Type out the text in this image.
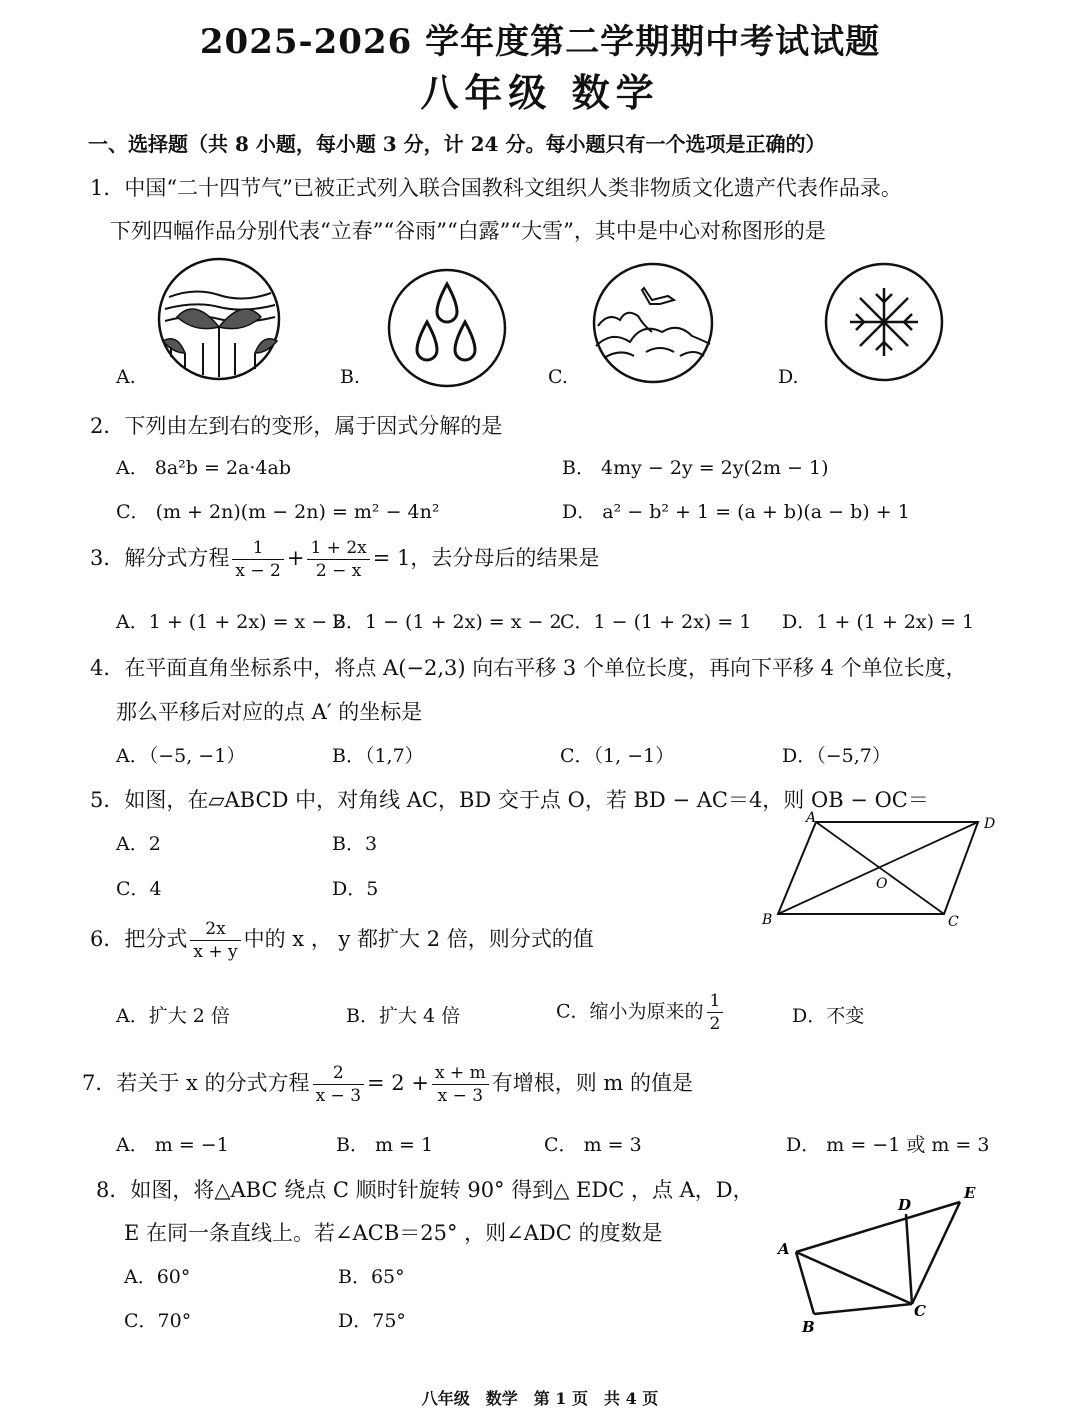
2025-2026 学年度第二学期期中考试试题
八年级 数学
一、选择题（共 8 小题，每小题 3 分，计 24 分。每小题只有一个选项是正确的）
1．中国“二十四节气”已被正式列入联合国教科文组织人类非物质文化遗产代表作品录。
下列四幅作品分别代表“立春”“谷雨”“白露”“大雪”，其中是中心对称图形的是
A.	B.	C.	D.
2．下列由左到右的变形，属于因式分解的是
A． 8a²b = 2a·4ab	B． 4my − 2y = 2y(2m − 1)
C． (m + 2n)(m − 2n) = m² − 4n²	D． a² − b² + 1 = (a + b)(a − b) + 1
3．解分式方程 $\frac{1}{x - 2} + \frac{1 + 2x}{2 - x} = 1$，去分母后的结果是
A．1 + (1 + 2x) = x − 2
B．1 − (1 + 2x) = x − 2
C．1 − (1 + 2x) = 1 D．1 + (1 + 2x) = 1
4．在平面直角坐标系中，将点 A(−2,3) 向右平移 3 个单位长度，再向下平移 4 个单位长度，
那么平移后对应的点 A′ 的坐标是
A．（−5, −1）	B．（1,7）	C．（1, −1）	D．（−5,7）
5．如图，在▱ABCD 中，对角线 AC，BD 交于点 O，若 BD − AC＝4，则 OB − OC＝
A．2	B．3
C．4	D．5
A	D
B	C
O
6．把分式 $\frac{2x}{x + y}$ 中的 x ， y 都扩大 2 倍，则分式的值
A．扩大 2 倍	B．扩大 4 倍	C．缩小为原来的 $\frac{1}{2}$	D．不变
7．若关于 x 的分式方程 $\frac{2}{x - 3} = 2 + \frac{x + m}{x - 3}$ 有增根，则 m 的值是
A． m = −1	B． m = 1	C． m = 3	D． m = −1 或 m = 3
8．如图，将△ABC 绕点 C 顺时针旋转 90° 得到△ EDC ，点 A，D，
E 在同一条直线上。若∠ACB＝25° ，则∠ADC 的度数是
A．60°	B．65°
C．70°	D．75°
A
D
E
C
B
八年级　数学　第 1 页　共 4 页
